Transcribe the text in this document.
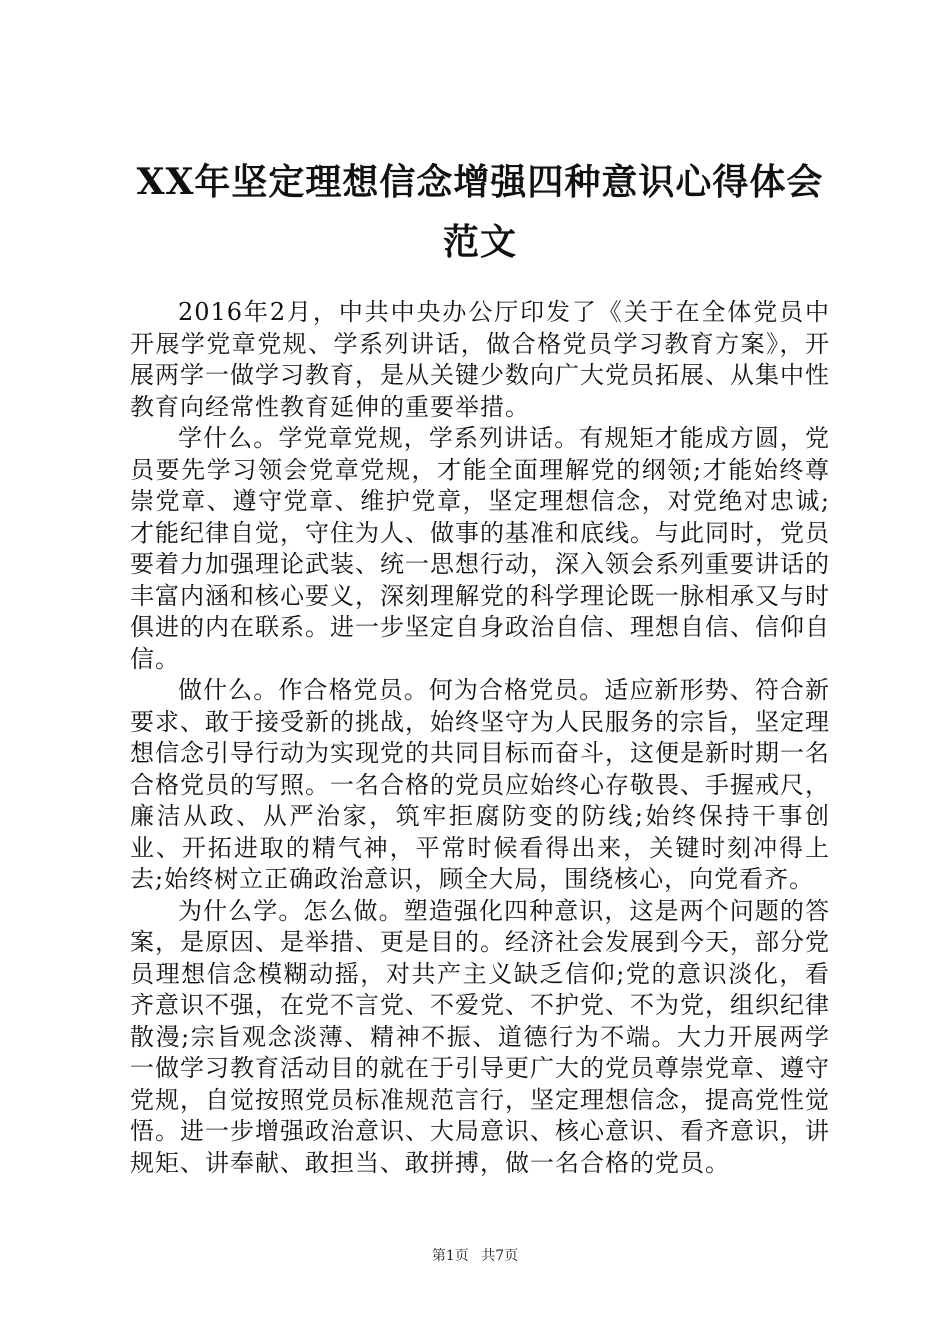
XX年坚定理想信念增强四种意识心得体会范文

2016年2月，中共中央办公厅印发了《关于在全体党员中开展学党章党规、学系列讲话，做合格党员学习教育方案》，开展两学一做学习教育，是从关键少数向广大党员拓展、从集中性教育向经常性教育延伸的重要举措。

学什么。学党章党规，学系列讲话。有规矩才能成方圆，党员要先学习领会党章党规，才能全面理解党的纲领;才能始终尊崇党章、遵守党章、维护党章，坚定理想信念，对党绝对忠诚;才能纪律自觉，守住为人、做事的基准和底线。与此同时，党员要着力加强理论武装、统一思想行动，深入领会系列重要讲话的丰富内涵和核心要义，深刻理解党的科学理论既一脉相承又与时俱进的内在联系。进一步坚定自身政治自信、理想自信、信仰自信。

做什么。作合格党员。何为合格党员。适应新形势、符合新要求、敢于接受新的挑战，始终坚守为人民服务的宗旨，坚定理想信念引导行动为实现党的共同目标而奋斗，这便是新时期一名合格党员的写照。一名合格的党员应始终心存敬畏、手握戒尺，廉洁从政、从严治家，筑牢拒腐防变的防线;始终保持干事创业、开拓进取的精气神，平常时候看得出来，关键时刻冲得上去;始终树立正确政治意识，顾全大局，围绕核心，向党看齐。

为什么学。怎么做。塑造强化四种意识，这是两个问题的答案，是原因、是举措、更是目的。经济社会发展到今天，部分党员理想信念模糊动摇，对共产主义缺乏信仰;党的意识淡化，看齐意识不强，在党不言党、不爱党、不护党、不为党，组织纪律散漫;宗旨观念淡薄、精神不振、道德行为不端。大力开展两学一做学习教育活动目的就在于引导更广大的党员尊崇党章、遵守党规，自觉按照党员标准规范言行，坚定理想信念，提高党性觉悟。进一步增强政治意识、大局意识、核心意识、看齐意识，讲规矩、讲奉献、敢担当、敢拼搏，做一名合格的党员。

第1页 共7页
